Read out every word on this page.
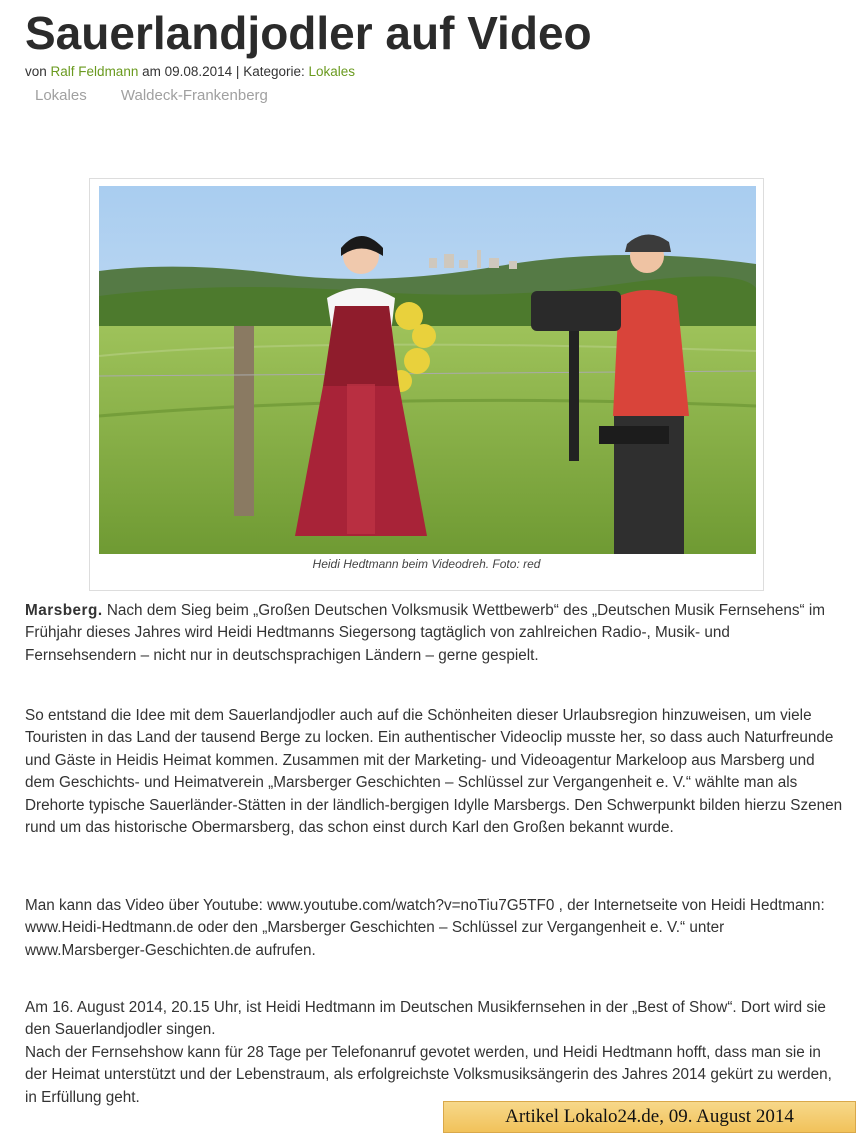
Sauerlandjodler auf Video
von Ralf Feldmann am 09.08.2014 | Kategorie: Lokales
Lokales Waldeck-Frankenberg
Heidi Hedtmann beim Videodreh. Foto: red

Marsberg. Nach dem Sieg beim „Großen Deutschen Volksmusik Wettbewerb“ des „Deutschen Musik Fernsehens“ im Frühjahr dieses Jahres wird Heidi Hedtmanns Siegersong tagtäglich von zahlreichen Radio-, Musik- und Fernsehsendern – nicht nur in deutschsprachigen Ländern – gerne gespielt.

So entstand die Idee mit dem Sauerlandjodler auch auf die Schönheiten dieser Urlaubsregion hinzuweisen, um viele Touristen in das Land der tausend Berge zu locken. Ein authentischer Videoclip musste her, so dass auch Naturfreunde und Gäste in Heidis Heimat kommen. Zusammen mit der Marketing- und Videoagentur Markeloop aus Marsberg und dem Geschichts- und Heimatverein „Marsberger Geschichten – Schlüssel zur Vergangenheit e. V.“ wählte man als Drehorte typische Sauerländer-Stätten in der ländlich-bergigen Idylle Marsbergs. Den Schwerpunkt bilden hierzu Szenen rund um das historische Obermarsberg, das schon einst durch Karl den Großen bekannt wurde.

Man kann das Video über Youtube: www.youtube.com/watch?v=noTiu7G5TF0 , der Internetseite von Heidi Hedtmann: www.Heidi-Hedtmann.de oder den „Marsberger Geschichten – Schlüssel zur Vergangenheit e. V.“ unter www.Marsberger-Geschichten.de aufrufen.

Am 16. August 2014, 20.15 Uhr, ist Heidi Hedtmann im Deutschen Musikfernsehen in der „Best of Show“. Dort wird sie den Sauerlandjodler singen.

Nach der Fernsehshow kann für 28 Tage per Telefonanruf gevotet werden, und Heidi Hedtmann hofft, dass man sie in der Heimat unterstützt und der Lebenstraum, als erfolgreichste Volksmusiksängerin des Jahres 2014 gekürt zu werden, in Erfüllung geht.

Artikel Lokalo24.de, 09. August 2014
